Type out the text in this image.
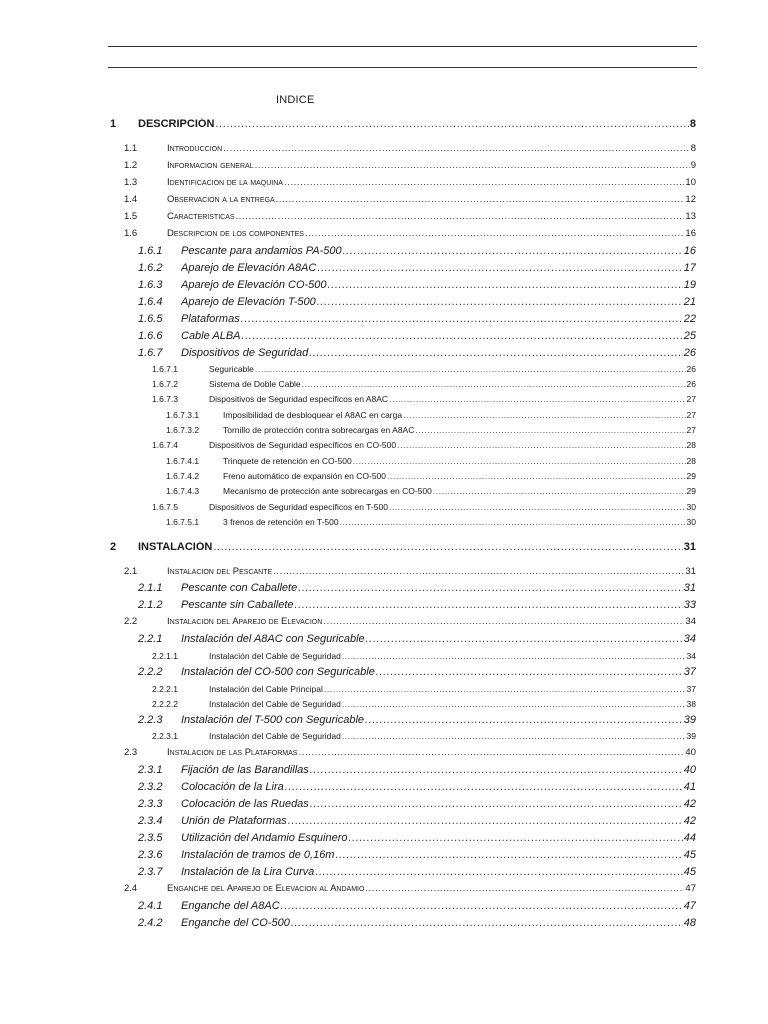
INDICE
1 DESCRIPCIÓN .....	8
1.1	Introduccion .....	8
1.2	Informacion general .....	9
1.3	Identificacion de la maquina .....	10
1.4	Observacion a la entrega .....	12
1.5	Caracteristicas .....	13
1.6	Descripcion de los componentes .....	16
1.6.1 Pescante para andamios PA-500 .....	16
1.6.2 Aparejo de Elevación A8AC .....	17
1.6.3 Aparejo de Elevación CO-500 .....	19
1.6.4 Aparejo de Elevación T-500 .....	21
1.6.5 Plataformas .....	22
1.6.6 Cable ALBA .....	25
1.6.7 Dispositivos de Seguridad .....	26
1.6.7.1	Seguricable .....	26
1.6.7.2	Sistema de Doble Cable .....	26
1.6.7.3	Dispositivos de Seguridad específicos en A8AC .....	27
1.6.7.3.1	Imposibilidad de desbloquear el A8AC en carga .....	27
1.6.7.3.2	Tornillo de protección contra sobrecargas en A8AC .....	27
1.6.7.4	Dispositivos de Seguridad específicos en CO-500 .....	28
1.6.7.4.1	Trinquete de retención en CO-500 .....	28
1.6.7.4.2	Freno automático de expansión en CO-500 .....	29
1.6.7.4.3	Mecanismo de protección ante sobrecargas en CO-500 .....	29
1.6.7.5	Dispositivos de Seguridad específicos en T-500 .....	30
1.6.7.5.1	3 frenos de retención en T-500 .....	30
2 INSTALACIÓN .....	31
2.1	Instalacion del Pescante .....	31
2.1.1 Pescante con Caballete .....	31
2.1.2 Pescante sin Caballete .....	33
2.2	Instalacion del Aparejo de Elevacion .....	34
2.2.1 Instalación del A8AC con Seguricable .....	34
2.2.1.1	Instalación del Cable de Seguridad .....	34
2.2.2 Instalación del CO-500 con Seguricable .....	37
2.2.2.1	Instalación del Cable Principal .....	37
2.2.2.2	Instalación del Cable de Seguridad .....	38
2.2.3 Instalación del T-500 con Seguricable .....	39
2.2.3.1	Instalación del Cable de Seguridad .....	39
2.3	Instalacion de las Plataformas .....	40
2.3.1 Fijación de las Barandillas .....	40
2.3.2 Colocación de la Lira .....	41
2.3.3 Colocación de las Ruedas .....	42
2.3.4 Unión de Plataformas .....	42
2.3.5 Utilización del Andamio Esquinero .....	44
2.3.6 Instalación de tramos de 0,16m .....	45
2.3.7 Instalación de la Lira Curva .....	45
2.4	Enganche del Aparejo de Elevacion al Andamio .....	47
2.4.1 Enganche del A8AC .....	47
2.4.2 Enganche del CO-500 .....	48
